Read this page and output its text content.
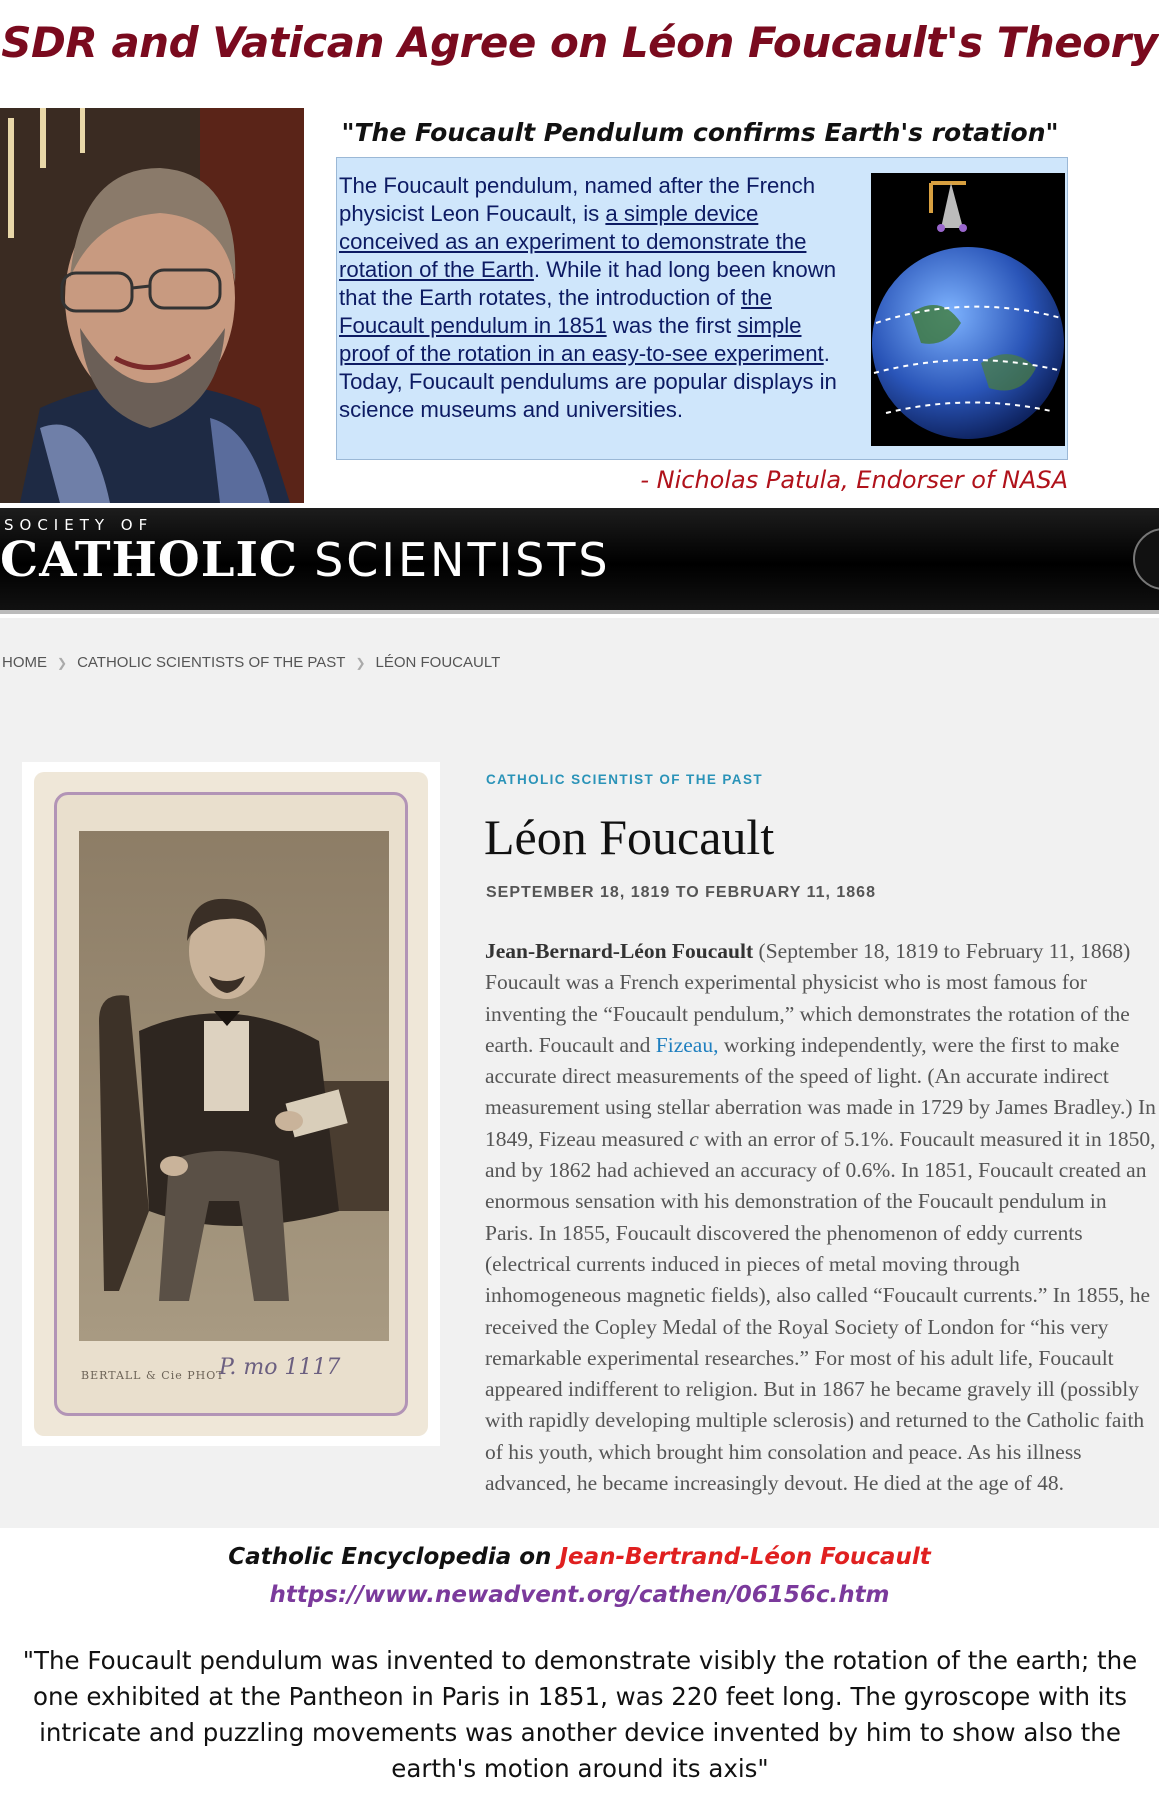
SDR and Vatican Agree on Léon Foucault's Theory
"The Foucault Pendulum confirms Earth's rotation"
The Foucault pendulum, named after the French physicist Leon Foucault, is a simple device conceived as an experiment to demonstrate the rotation of the Earth. While it had long been known that the Earth rotates, the introduction of the Foucault pendulum in 1851 was the first simple proof of the rotation in an easy-to-see experiment. Today, Foucault pendulums are popular displays in science museums and universities.
- Nicholas Patula, Endorser of NASA
SOCIETY OF
CATHOLIC SCIENTISTS
HOME ❯ CATHOLIC SCIENTISTS OF THE PAST ❯ LÉON FOUCAULT
BERTALL & Cie PHOT
P. mo 1117
CATHOLIC SCIENTIST OF THE PAST
Léon Foucault
SEPTEMBER 18, 1819 TO FEBRUARY 11, 1868
Jean-Bernard-Léon Foucault (September 18, 1819 to February 11, 1868) Foucault was a French experimental physicist who is most famous for inventing the “Foucault pendulum,” which demonstrates the rotation of the earth. Foucault and Fizeau, working independently, were the first to make accurate direct measurements of the speed of light. (An accurate indirect measurement using stellar aberration was made in 1729 by James Bradley.) In 1849, Fizeau measured c with an error of 5.1%. Foucault measured it in 1850, and by 1862 had achieved an accuracy of 0.6%. In 1851, Foucault created an enormous sensation with his demonstration of the Foucault pendulum in Paris. In 1855, Foucault discovered the phenomenon of eddy currents (electrical currents induced in pieces of metal moving through inhomogeneous magnetic fields), also called “Foucault currents.” In 1855, he received the Copley Medal of the Royal Society of London for “his very remarkable experimental researches.” For most of his adult life, Foucault appeared indifferent to religion. But in 1867 he became gravely ill (possibly with rapidly developing multiple sclerosis) and returned to the Catholic faith of his youth, which brought him consolation and peace. As his illness advanced, he became increasingly devout. He died at the age of 48.
Catholic Encyclopedia on Jean-Bertrand-Léon Foucault
https://www.newadvent.org/cathen/06156c.htm
"The Foucault pendulum was invented to demonstrate visibly the rotation of the earth; the one exhibited at the Pantheon in Paris in 1851, was 220 feet long. The gyroscope with its intricate and puzzling movements was another device invented by him to show also the earth's motion around its axis"
